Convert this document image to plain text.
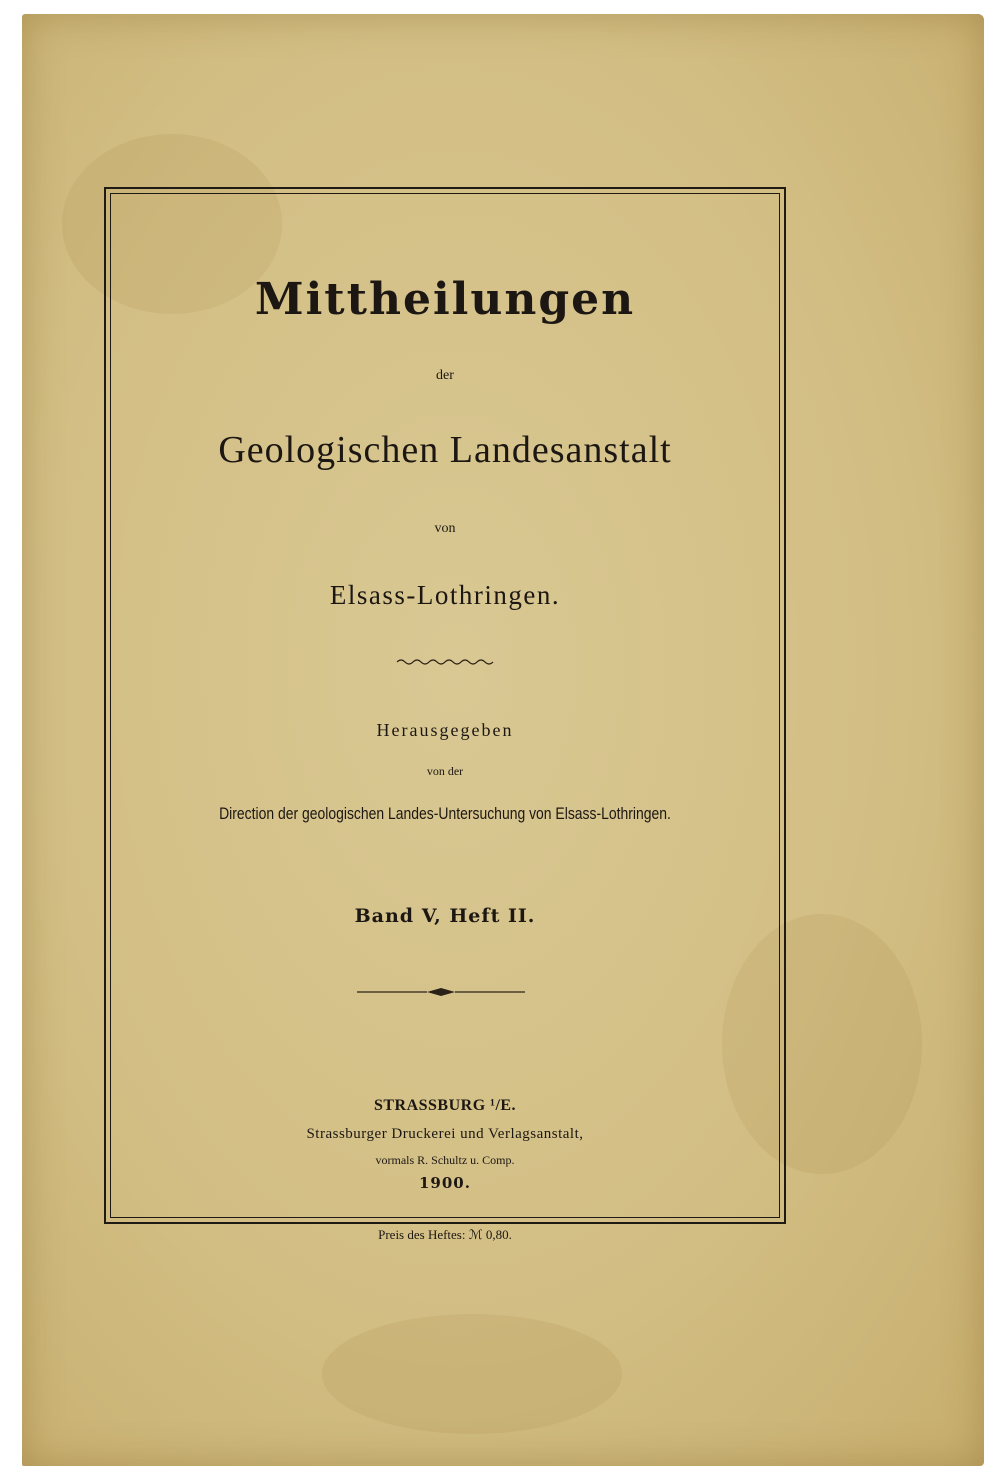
Mittheilungen
der
Geologischen Landesanstalt
von
Elsass-Lothringen.
Herausgegeben
von der
Direction der geologischen Landes-Untersuchung von Elsass-Lothringen.
Band V, Heft II.
STRASSBURG ¹/E.
Strassburger Druckerei und Verlagsanstalt,
vormals R. Schultz u. Comp.
1900.
Preis des Heftes: ℳ 0,80.
